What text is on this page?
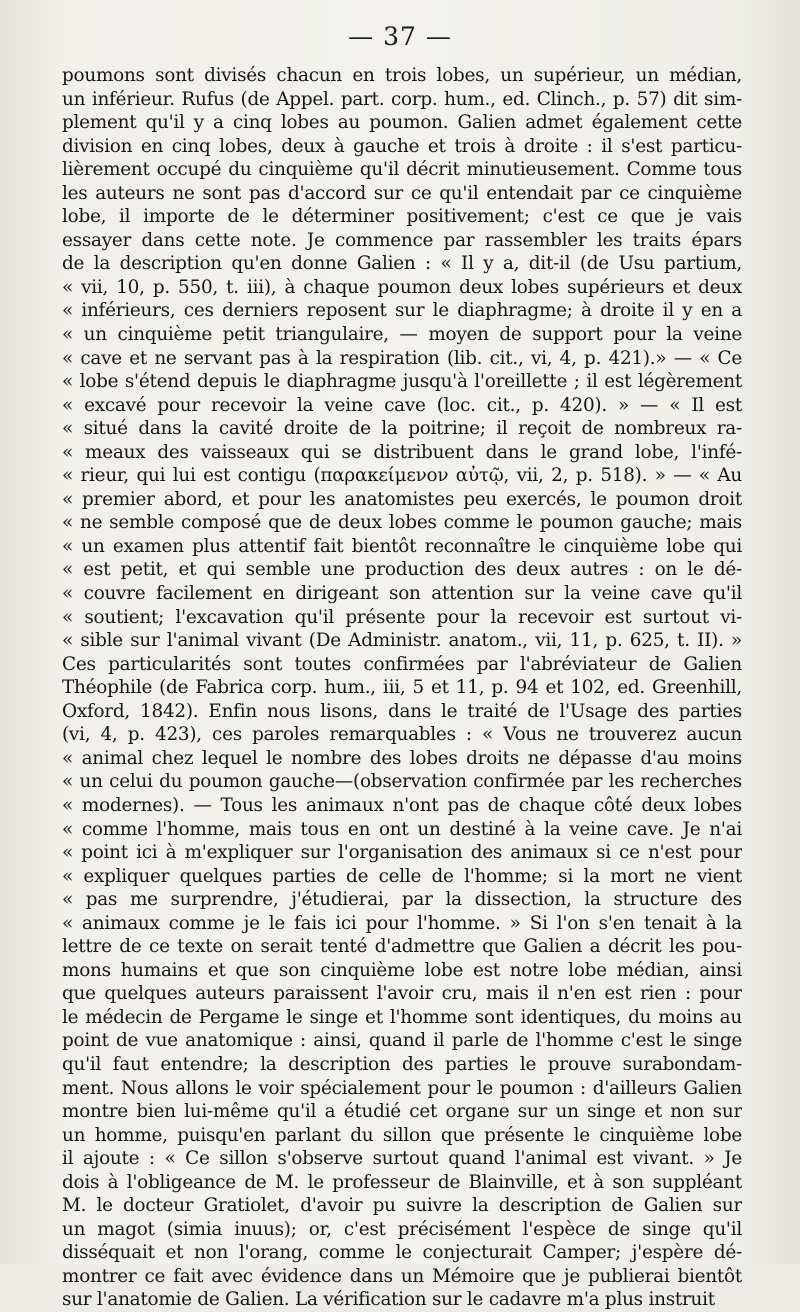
— 37 —
poumons sont divisés chacun en trois lobes, un supérieur, un médian,
un inférieur. Rufus (de Appel. part. corp. hum., ed. Clinch., p. 57) dit sim-
plement qu'il y a cinq lobes au poumon. Galien admet également cette
division en cinq lobes, deux à gauche et trois à droite : il s'est particu-
lièrement occupé du cinquième qu'il décrit minutieusement. Comme tous
les auteurs ne sont pas d'accord sur ce qu'il entendait par ce cinquième
lobe, il importe de le déterminer positivement; c'est ce que je vais
essayer dans cette note. Je commence par rassembler les traits épars
de la description qu'en donne Galien : « Il y a, dit-il (de Usu partium,
« vii, 10, p. 550, t. iii), à chaque poumon deux lobes supérieurs et deux
« inférieurs, ces derniers reposent sur le diaphragme; à droite il y en a
« un cinquième petit triangulaire, — moyen de support pour la veine
« cave et ne servant pas à la respiration (lib. cit., vi, 4, p. 421).» — « Ce
« lobe s'étend depuis le diaphragme jusqu'à l'oreillette ; il est légèrement
« excavé pour recevoir la veine cave (loc. cit., p. 420). » — « Il est
« situé dans la cavité droite de la poitrine; il reçoit de nombreux ra-
« meaux des vaisseaux qui se distribuent dans le grand lobe, l'infé-
« rieur, qui lui est contigu (παρακείμενον αὐτῷ, vii, 2, p. 518). » — « Au
« premier abord, et pour les anatomistes peu exercés, le poumon droit
« ne semble composé que de deux lobes comme le poumon gauche; mais
« un examen plus attentif fait bientôt reconnaître le cinquième lobe qui
« est petit, et qui semble une production des deux autres : on le dé-
« couvre facilement en dirigeant son attention sur la veine cave qu'il
« soutient; l'excavation qu'il présente pour la recevoir est surtout vi-
« sible sur l'animal vivant (De Administr. anatom., vii, 11, p. 625, t. II). »
Ces particularités sont toutes confirmées par l'abréviateur de Galien
Théophile (de Fabrica corp. hum., iii, 5 et 11, p. 94 et 102, ed. Greenhill,
Oxford, 1842). Enfin nous lisons, dans le traité de l'Usage des parties
(vi, 4, p. 423), ces paroles remarquables : « Vous ne trouverez aucun
« animal chez lequel le nombre des lobes droits ne dépasse d'au moins
« un celui du poumon gauche—(observation confirmée par les recherches
« modernes). — Tous les animaux n'ont pas de chaque côté deux lobes
« comme l'homme, mais tous en ont un destiné à la veine cave. Je n'ai
« point ici à m'expliquer sur l'organisation des animaux si ce n'est pour
« expliquer quelques parties de celle de l'homme; si la mort ne vient
« pas me surprendre, j'étudierai, par la dissection, la structure des
« animaux comme je le fais ici pour l'homme. » Si l'on s'en tenait à la
lettre de ce texte on serait tenté d'admettre que Galien a décrit les pou-
mons humains et que son cinquième lobe est notre lobe médian, ainsi
que quelques auteurs paraissent l'avoir cru, mais il n'en est rien : pour
le médecin de Pergame le singe et l'homme sont identiques, du moins au
point de vue anatomique : ainsi, quand il parle de l'homme c'est le singe
qu'il faut entendre; la description des parties le prouve surabondam-
ment. Nous allons le voir spécialement pour le poumon : d'ailleurs Galien
montre bien lui-même qu'il a étudié cet organe sur un singe et non sur
un homme, puisqu'en parlant du sillon que présente le cinquième lobe
il ajoute : « Ce sillon s'observe surtout quand l'animal est vivant. » Je
dois à l'obligeance de M. le professeur de Blainville, et à son suppléant
M. le docteur Gratiolet, d'avoir pu suivre la description de Galien sur
un magot (simia inuus); or, c'est précisément l'espèce de singe qu'il
disséquait et non l'orang, comme le conjecturait Camper; j'espère dé-
montrer ce fait avec évidence dans un Mémoire que je publierai bientôt
sur l'anatomie de Galien. La vérification sur le cadavre m'a plus instruit
